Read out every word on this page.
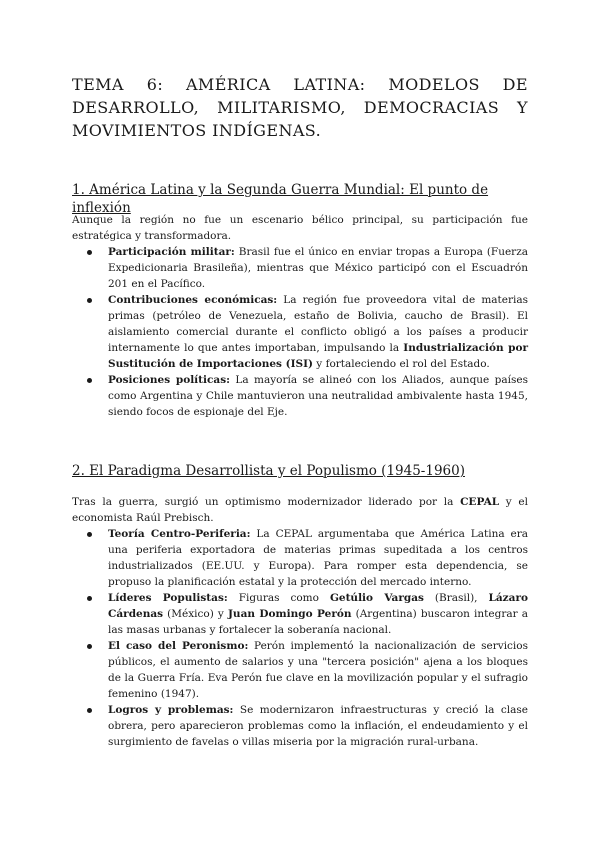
TEMA 6: AMÉRICA LATINA: MODELOS DE DESARROLLO, MILITARISMO, DEMOCRACIAS Y MOVIMIENTOS INDÍGENAS.
1. América Latina y la Segunda Guerra Mundial: El punto de inflexión

Aunque la región no fue un escenario bélico principal, su participación fue estratégica y transformadora.

Participación militar: Brasil fue el único en enviar tropas a Europa (Fuerza Expedicionaria Brasileña), mientras que México participó con el Escuadrón 201 en el Pacífico.
Contribuciones económicas: La región fue proveedora vital de materias primas (petróleo de Venezuela, estaño de Bolivia, caucho de Brasil). El aislamiento comercial durante el conflicto obligó a los países a producir internamente lo que antes importaban, impulsando la Industrialización por Sustitución de Importaciones (ISI) y fortaleciendo el rol del Estado.
Posiciones políticas: La mayoría se alineó con los Aliados, aunque países como Argentina y Chile mantuvieron una neutralidad ambivalente hasta 1945, siendo focos de espionaje del Eje.
2. El Paradigma Desarrollista y el Populismo (1945-1960)

Tras la guerra, surgió un optimismo modernizador liderado por la CEPAL y el economista Raúl Prebisch.

Teoría Centro-Periferia: La CEPAL argumentaba que América Latina era una periferia exportadora de materias primas supeditada a los centros industrializados (EE.UU. y Europa). Para romper esta dependencia, se propuso la planificación estatal y la protección del mercado interno.
Líderes Populistas: Figuras como Getúlio Vargas (Brasil), Lázaro Cárdenas (México) y Juan Domingo Perón (Argentina) buscaron integrar a las masas urbanas y fortalecer la soberanía nacional.
El caso del Peronismo: Perón implementó la nacionalización de servicios públicos, el aumento de salarios y una "tercera posición" ajena a los bloques de la Guerra Fría. Eva Perón fue clave en la movilización popular y el sufragio femenino (1947).
Logros y problemas: Se modernizaron infraestructuras y creció la clase obrera, pero aparecieron problemas como la inflación, el endeudamiento y el surgimiento de favelas o villas miseria por la migración rural-urbana.
